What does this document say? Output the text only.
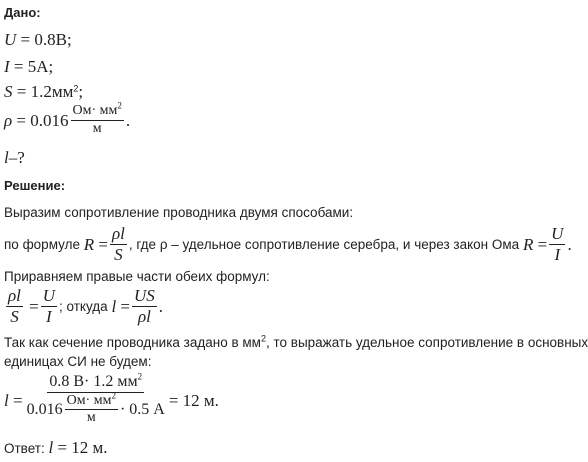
Дано:
U = 0.8В;
I = 5А;
$S = 1.2мм^2$;
$\rho = 0.016 \frac{Ом\cdot мм^2}{м}$ .
l–?
Решение:
Выразим сопротивление проводника двумя способами:
по формуле
R
= $\frac{\rho l}{S}$ , где ρ – удельное сопротивление серебра, и через закон Ома
$R = \frac{U}{I}$ .
Приравняем правые части обеих формул:
$\frac{\rho l}{S}$
= $\frac{U}{I}$ ; откуда
$l = \frac{US}{\rho l}$ .
Так как сечение проводника задано в $мм^2$, то выражать удельное сопротивление в основных
единицах СИ не будем:
l
= $\frac{0.8 В\cdot 1.2 мм^2}{0.016 \frac{Ом\cdot мм^2}{м} \cdot 0.5 А} = 12$ м.
Ответ: l = 12 м.
